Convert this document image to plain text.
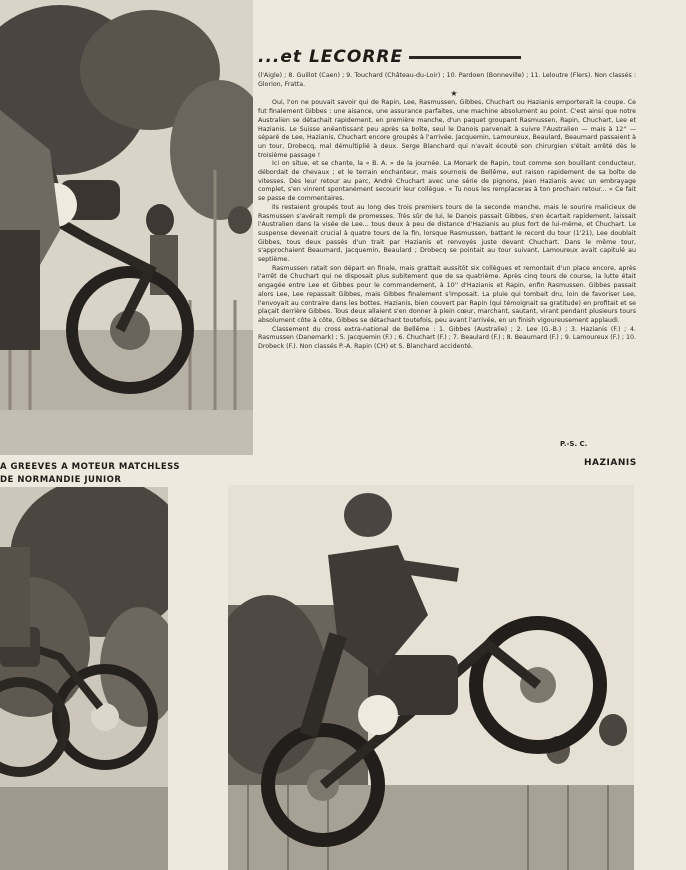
...et LECORRE

(l'Aigle) ; 8. Guillot (Caen) ; 9. Touchard (Château-du-Loir) ; 10. Pardoen (Bonneville) ; 11. Leloutre (Flers). Non classés : Glorion, Fratta.

★

Oui, l'on ne pouvait savoir qui de Rapin, Lee, Rasmussen, Gibbes, Chuchart ou Hazianis emporterait la coupe. Ce fut finalement Gibbes : une aisance, une assurance parfaites, une machine absolument au point. C'est ainsi que notre Australien se détachait rapidement, en première manche, d'un paquet groupant Rasmussen, Rapin, Chuchart, Lee et Hazianis. Le Suisse anéantissant peu après sa boîte, seul le Danois parvenait à suivre l'Australien — mais à 12'' — séparé de Lee, Hazianis, Chuchart encore groupés à l'arrivée. Jacquemin, Lamoureux, Beaulard, Beaumard passaient à un tour, Drobecq, mal démultiplié à deux. Serge Blanchard qui n'avait écouté son chirurgien s'était arrêté dès le troisième passage !

Ici on situe, et se chante, la « B. A. » de la journée. La Monark de Rapin, tout comme son bouillant conducteur, débordait de chevaux ; et le terrain enchanteur, mais sournois de Bellême, eut raison rapidement de sa boîte de vitesses. Dès leur retour au parc, André Chuchart avec une série de pignons, Jean Hazianis avec un embrayage complet, s'en vinrent spontanément secourir leur collègue. « Tu nous les remplaceras à ton prochain retour... » Ce fait se passe de commentaires.

Ils restaient groupés tout au long des trois premiers tours de la seconde manche, mais le sourire malicieux de Rasmussen s'avérait rempli de promesses. Très sûr de lui, le Danois passait Gibbes, s'en écartait rapidement, laissait l'Australien dans la visée de Lee... tous deux à peu de distance d'Hazianis au plus fort de lui-même, et Chuchart. Le suspense devenait crucial à quatre tours de la fin, lorsque Rasmussen, battant le record du tour (1'21), Lee doublait Gibbes, tous deux passés d'un trait par Hazianis et renvoyés juste devant Chuchart. Dans le même tour, s'approchaient Beaumard, Jacquemin, Beaulard ; Drobecq se pointait au tour suivant, Lamoureux avait capitulé au septième.

Rasmussen ratait son départ en finale, mais grattait aussitôt six collègues et remontait d'un place encore, après l'arrêt de Chuchart qui ne disposait plus subitement que de sa quatrième. Après cinq tours de course, la lutte était engagée entre Lee et Gibbes pour le commandement, à 10'' d'Hazianis et Rapin, enfin Rasmussen. Gibbes passait alors Lee, Lee repassait Gibbes, mais Gibbes finalement s'imposait. La pluie qui tombait dru, loin de favoriser Lee, l'envoyait au contraire dans les bottes. Hazianis, bien couvert par Rapin (qui témoignait sa gratitude) en profitait et se plaçait derrière Gibbes. Tous deux allaient s'en donner à plein cœur, marchant, sautant, virant pendant plusieurs tours absolument côte à côte, Gibbes se détachant toutefois, peu avant l'arrivée, en un finish vigoureusement applaudi.

Classement du cross extra-national de Bellême : 1. Gibbes (Australie) ; 2. Lee (G.-B.) ; 3. Hazianis (F.) ; 4. Rasmussen (Danemark) ; 5. Jacquemin (F.) ; 6. Chuchart (F.) ; 7. Beaulard (F.) ; 8. Beaumard (F.) ; 9. Lamoureux (F.) ; 10. Drobeck (F.). Non classés P.-A. Rapin (CH) et S. Blanchard accidenté.

P.-S. C.
HAZIANIS
A GREEVES A MOTEUR MATCHLESS
DE NORMANDIE JUNIOR
